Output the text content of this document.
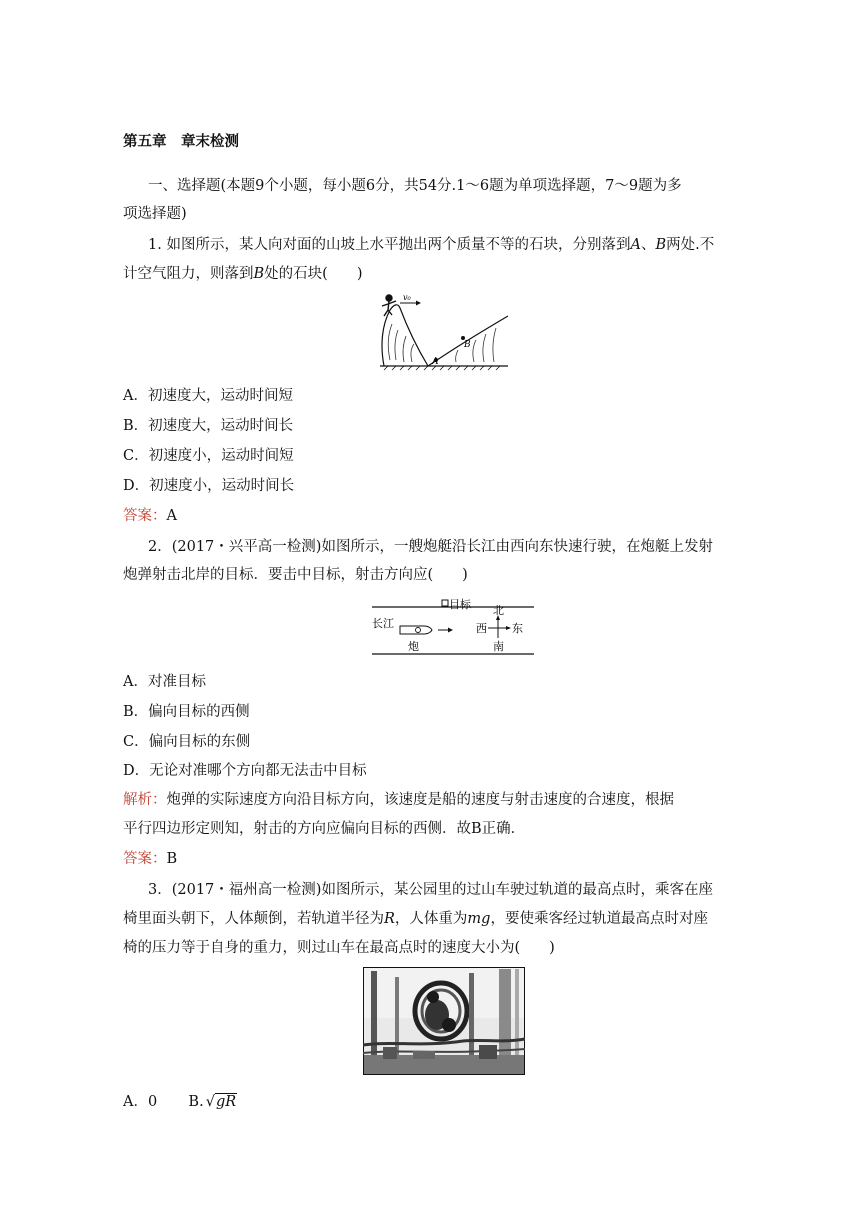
第五章　章末检测
一、选择题(本题9个小题，每小题6分，共54分.1～6题为单项选择题，7～9题为多
项选择题)
1. 如图所示，某人向对面的山坡上水平抛出两个质量不等的石块，分别落到A、B两处.不
计空气阻力，则落到B处的石块(　　)
v₀
A
B
A．初速度大，运动时间短
B．初速度大，运动时间长
C．初速度小，运动时间短
D．初速度小，运动时间长
答案：A
2．(2017・兴平高一检测)如图所示，一艘炮艇沿长江由西向东快速行驶，在炮艇上发射
炮弹射击北岸的目标．要击中目标，射击方向应(　　)
目标
长江
炮
北
南
西 东
A．对准目标
B．偏向目标的西侧
C．偏向目标的东侧
D．无论对准哪个方向都无法击中目标
解析：炮弹的实际速度方向沿目标方向，该速度是船的速度与射击速度的合速度，根据
平行四边形定则知，射击的方向应偏向目标的西侧．故B正确．
答案：B
3．(2017・福州高一检测)如图所示，某公园里的过山车驶过轨道的最高点时，乘客在座
椅里面头朝下，人体颠倒，若轨道半径为R，人体重为mg，要使乘客经过轨道最高点时对座
椅的压力等于自身的重力，则过山车在最高点时的速度大小为(　　)
A．0 B. √gR
